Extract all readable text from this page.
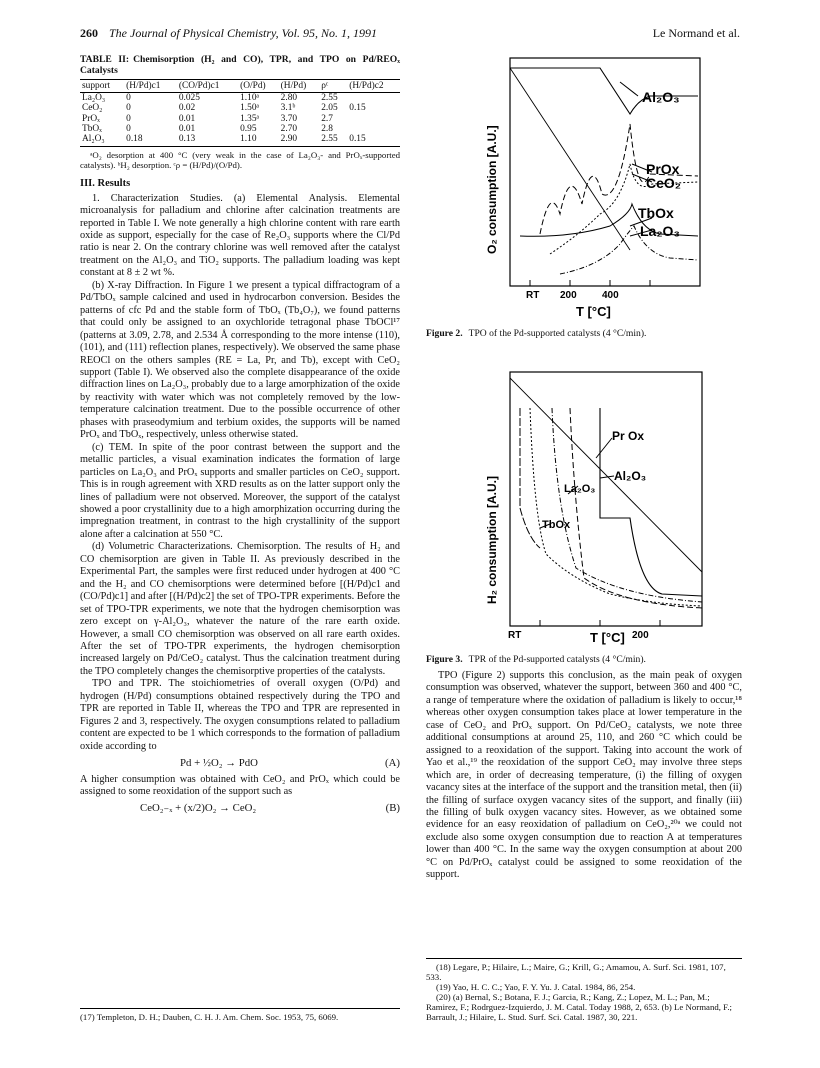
260 The Journal of Physical Chemistry, Vol. 95, No. 1, 1991	Le Normand et al.
TABLE II: Chemisorption (H₂ and CO), TPR, and TPO on Pd/REOₓ Catalysts
support	(H/Pd)c1	(CO/Pd)c1	(O/Pd)	(H/Pd)	ρᶜ	(H/Pd)c2
La₂O₃	0	0.025	1.10ᵃ	2.80	2.55	
CeO₂	0	0.02	1.50ᵃ	3.1ᵇ	2.05	0.15
PrOₓ	0	0.01	1.35ᵃ	3.70	2.7	
TbOₓ	0	0.01	0.95	2.70	2.8	
Al₂O₃	0.18	0.13	1.10	2.90	2.55	0.15
ᵃO₂ desorption at 400 °C (very weak in the case of La₂O₃- and PrOₓ-supported catalysts). ᵇH₂ desorption. ᶜρ = (H/Pd)/(O/Pd).
III. Results

1. Characterization Studies. (a) Elemental Analysis. Elemental microanalysis for palladium and chlorine after calcination treatments are reported in Table I. We note generally a high chlorine content with rare earth oxide as support, especially for the case of Re₂O₃ supports where the Cl/Pd ratio is near 2. On the contrary chlorine was well removed after the catalyst treatment on the Al₂O₃ and TiO₂ supports. The palladium loading was kept constant at 8 ± 2 wt %.

(b) X-ray Diffraction. In Figure 1 we present a typical diffractogram of a Pd/TbOₓ sample calcined and used in hydrocarbon conversion. Besides the patterns of cfc Pd and the stable form of TbOₓ (Tb₄O₇), we found patterns that could only be assigned to an oxychloride tetragonal phase TbOCl¹⁷ (patterns at 3.09, 2.78, and 2.534 Å corresponding to the more intense (110), (101), and (111) reflection planes, respectively). We observed the same phase REOCl on the others samples (RE = La, Pr, and Tb), except with CeO₂ support (Table I). We observed also the complete disappearance of the oxide diffraction lines on La₂O₃, probably due to a large amorphization of the oxide by reactivity with water which was not completely removed by the low-temperature calcination treatment. Due to the possible occurrence of other phases with praseodymium and terbium oxides, the supports will be named PrOₓ and TbOₓ, respectively, unless otherwise stated.

(c) TEM. In spite of the poor contrast between the support and the metallic particles, a visual examination indicates the formation of large particles on La₂O₃ and PrOₓ supports and smaller particles on CeO₂ support. This is in rough agreement with XRD results as on the latter support only the lines of palladium were not observed. Moreover, the support of the catalyst showed a poor crystallinity due to a high amorphization occurring during the impregnation treatment, in contrast to the high crystallinity of the support alone after a calcination at 550 °C.

(d) Volumetric Characterizations. Chemisorption. The results of H₂ and CO chemisorption are given in Table II. As previously described in the Experimental Part, the samples were first reduced under hydrogen at 400 °C and the H₂ and CO chemisorptions were determined before [(H/Pd)c1 and (CO/Pd)c1] and after [(H/Pd)c2] the set of TPO-TPR experiments. Before the set of TPO-TPR experiments, we note that the hydrogen chemisorption was zero except on γ-Al₂O₃, whatever the nature of the rare earth oxide. However, a small CO chemisorption was observed on all rare earth oxides. After the set of TPO-TPR experiments, the hydrogen chemisorption increased largely on Pd/CeO₂ catalyst. Thus the calcination treatment during the TPO completely changes the chemisorptive properties of the catalysts.

TPO and TPR. The stoichiometries of overall oxygen (O/Pd) and hydrogen (H/Pd) consumptions obtained respectively during the TPO and TPR are reported in Table II, whereas the TPO and TPR are represented in Figures 2 and 3, respectively. The oxygen consumptions related to palladium content are expected to be 1 which corresponds to the formation of palladium oxide according to

Pd + ½O₂ → PdO	(A)

A higher consumption was obtained with CeO₂ and PrOₓ which could be assigned to some reoxidation of the support such as

CeO₂₋ₓ + (x/2)O₂ → CeO₂	(B)
(17) Templeton, D. H.; Dauben, C. H. J. Am. Chem. Soc. 1953, 75, 6069.
Al₂O₃
PrOx
CeO₂
TbOx
La₂O₃
O₂ consumption [A.U.]
RT 200	400
T [°C]
Figure 2. TPO of the Pd-supported catalysts (4 °C/min).
Pr Ox
Al₂O₃
La₂O₃
TbOx
H₂ consumption [A.U.]
RT	200
T [°C]
Figure 3. TPR of the Pd-supported catalysts (4 °C/min).

TPO (Figure 2) supports this conclusion, as the main peak of oxygen consumption was observed, whatever the support, between 360 and 400 °C, a range of temperature where the oxidation of palladium is likely to occur,¹⁸ whereas other oxygen consumption takes place at lower temperature in the case of CeO₂ and PrOₓ support. On Pd/CeO₂ catalysts, we note three additional consumptions at around 25, 110, and 260 °C which could be assigned to a reoxidation of the support. Taking into account the work of Yao et al.,¹⁹ the reoxidation of the support CeO₂ may involve three steps which are, in order of decreasing temperature, (i) the filling of oxygen vacancy sites at the interface of the support and the transition metal, then (ii) the filling of surface oxygen vacancy sites of the support, and finally (iii) the filling of bulk oxygen vacancy sites. However, as we obtained some evidence for an easy reoxidation of palladium on CeO₂,²⁰ᵃ we could not exclude also some oxygen consumption due to reaction A at temperatures lower than 400 °C. In the same way the oxygen consumption at about 200 °C on Pd/PrOₓ catalyst could be assigned to some reoxidation of the support.

(18) Legare, P.; Hilaire, L.; Maire, G.; Krill, G.; Amamou, A. Surf. Sci. 1981, 107, 533.
(19) Yao, H. C. C.; Yao, F. Y. Yu. J. Catal. 1984, 86, 254.
(20) (a) Bernal, S.; Botana, F. J.; Garcia, R.; Kang, Z.; Lopez, M. L.; Pan, M.; Ramirez, F.; Rodrguez-Izquierdo, J. M. Catal. Today 1988, 2, 653. (b) Le Normand, F.; Barrault, J.; Hilaire, L. Stud. Surf. Sci. Catal. 1987, 30, 221.
